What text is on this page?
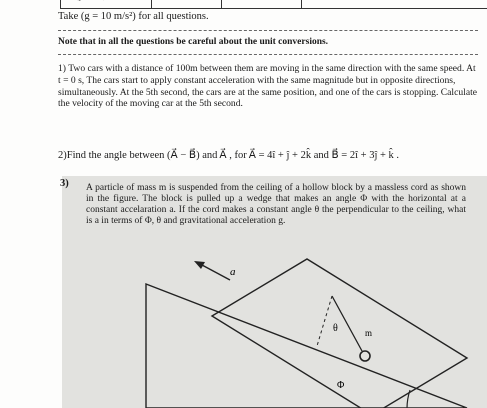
Take (g = 10 m/s²) for all questions.
Note that in all the questions be careful about the unit conversions.
1) Two cars with a distance of 100m between them are moving in the same direction with the same speed. At t = 0 s, The cars start to apply constant acceleration with the same magnitude but in opposite directions, simultaneously. At the 5th second, the cars are at the same position, and one of the cars is stopping. Calculate the velocity of the moving car at the 5th second.
2)Find the angle between (A⃗ − B⃗) and A⃗ , for A⃗ = 4î + ĵ + 2k̂ and B⃗ = 2î + 3ĵ + k̂ .
3) A particle of mass m is suspended from the ceiling of a hollow block by a massless cord as shown in the figure. The block is pulled up a wedge that makes an angle Φ with the horizontal at a constant accelaration a. If the cord makes a constant angle θ the perpendicular to the ceiling, what is a in terms of Φ, θ and gravitational acceleration g.
a
θ	m
Φ
